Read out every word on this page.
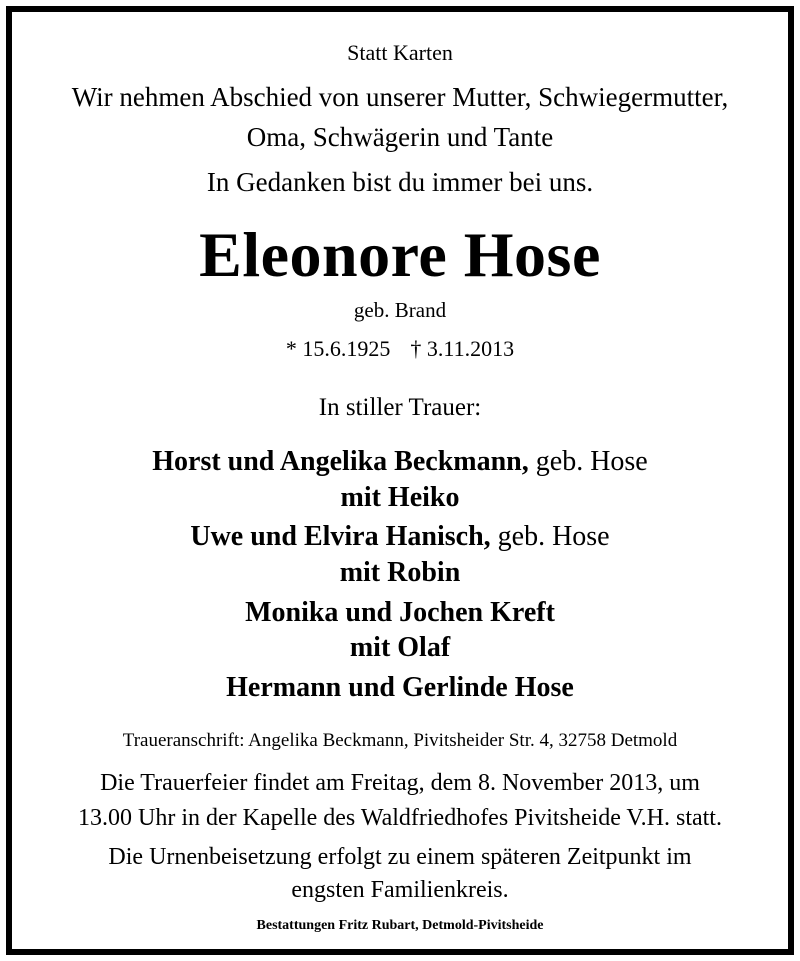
Statt Karten
Wir nehmen Abschied von unserer Mutter, Schwiegermutter,
Oma, Schwägerin und Tante
In Gedanken bist du immer bei uns.
Eleonore Hose
geb. Brand
* 15.6.1925 † 3.11.2013
In stiller Trauer:
Horst und Angelika Beckmann, geb. Hose
mit Heiko
Uwe und Elvira Hanisch, geb. Hose
mit Robin
Monika und Jochen Kreft
mit Olaf
Hermann und Gerlinde Hose
Traueranschrift: Angelika Beckmann, Pivitsheider Str. 4, 32758 Detmold
Die Trauerfeier findet am Freitag, dem 8. November 2013, um
13.00 Uhr in der Kapelle des Waldfriedhofes Pivitsheide V.H. statt.
Die Urnenbeisetzung erfolgt zu einem späteren Zeitpunkt im
engsten Familienkreis.
Bestattungen Fritz Rubart, Detmold-Pivitsheide
